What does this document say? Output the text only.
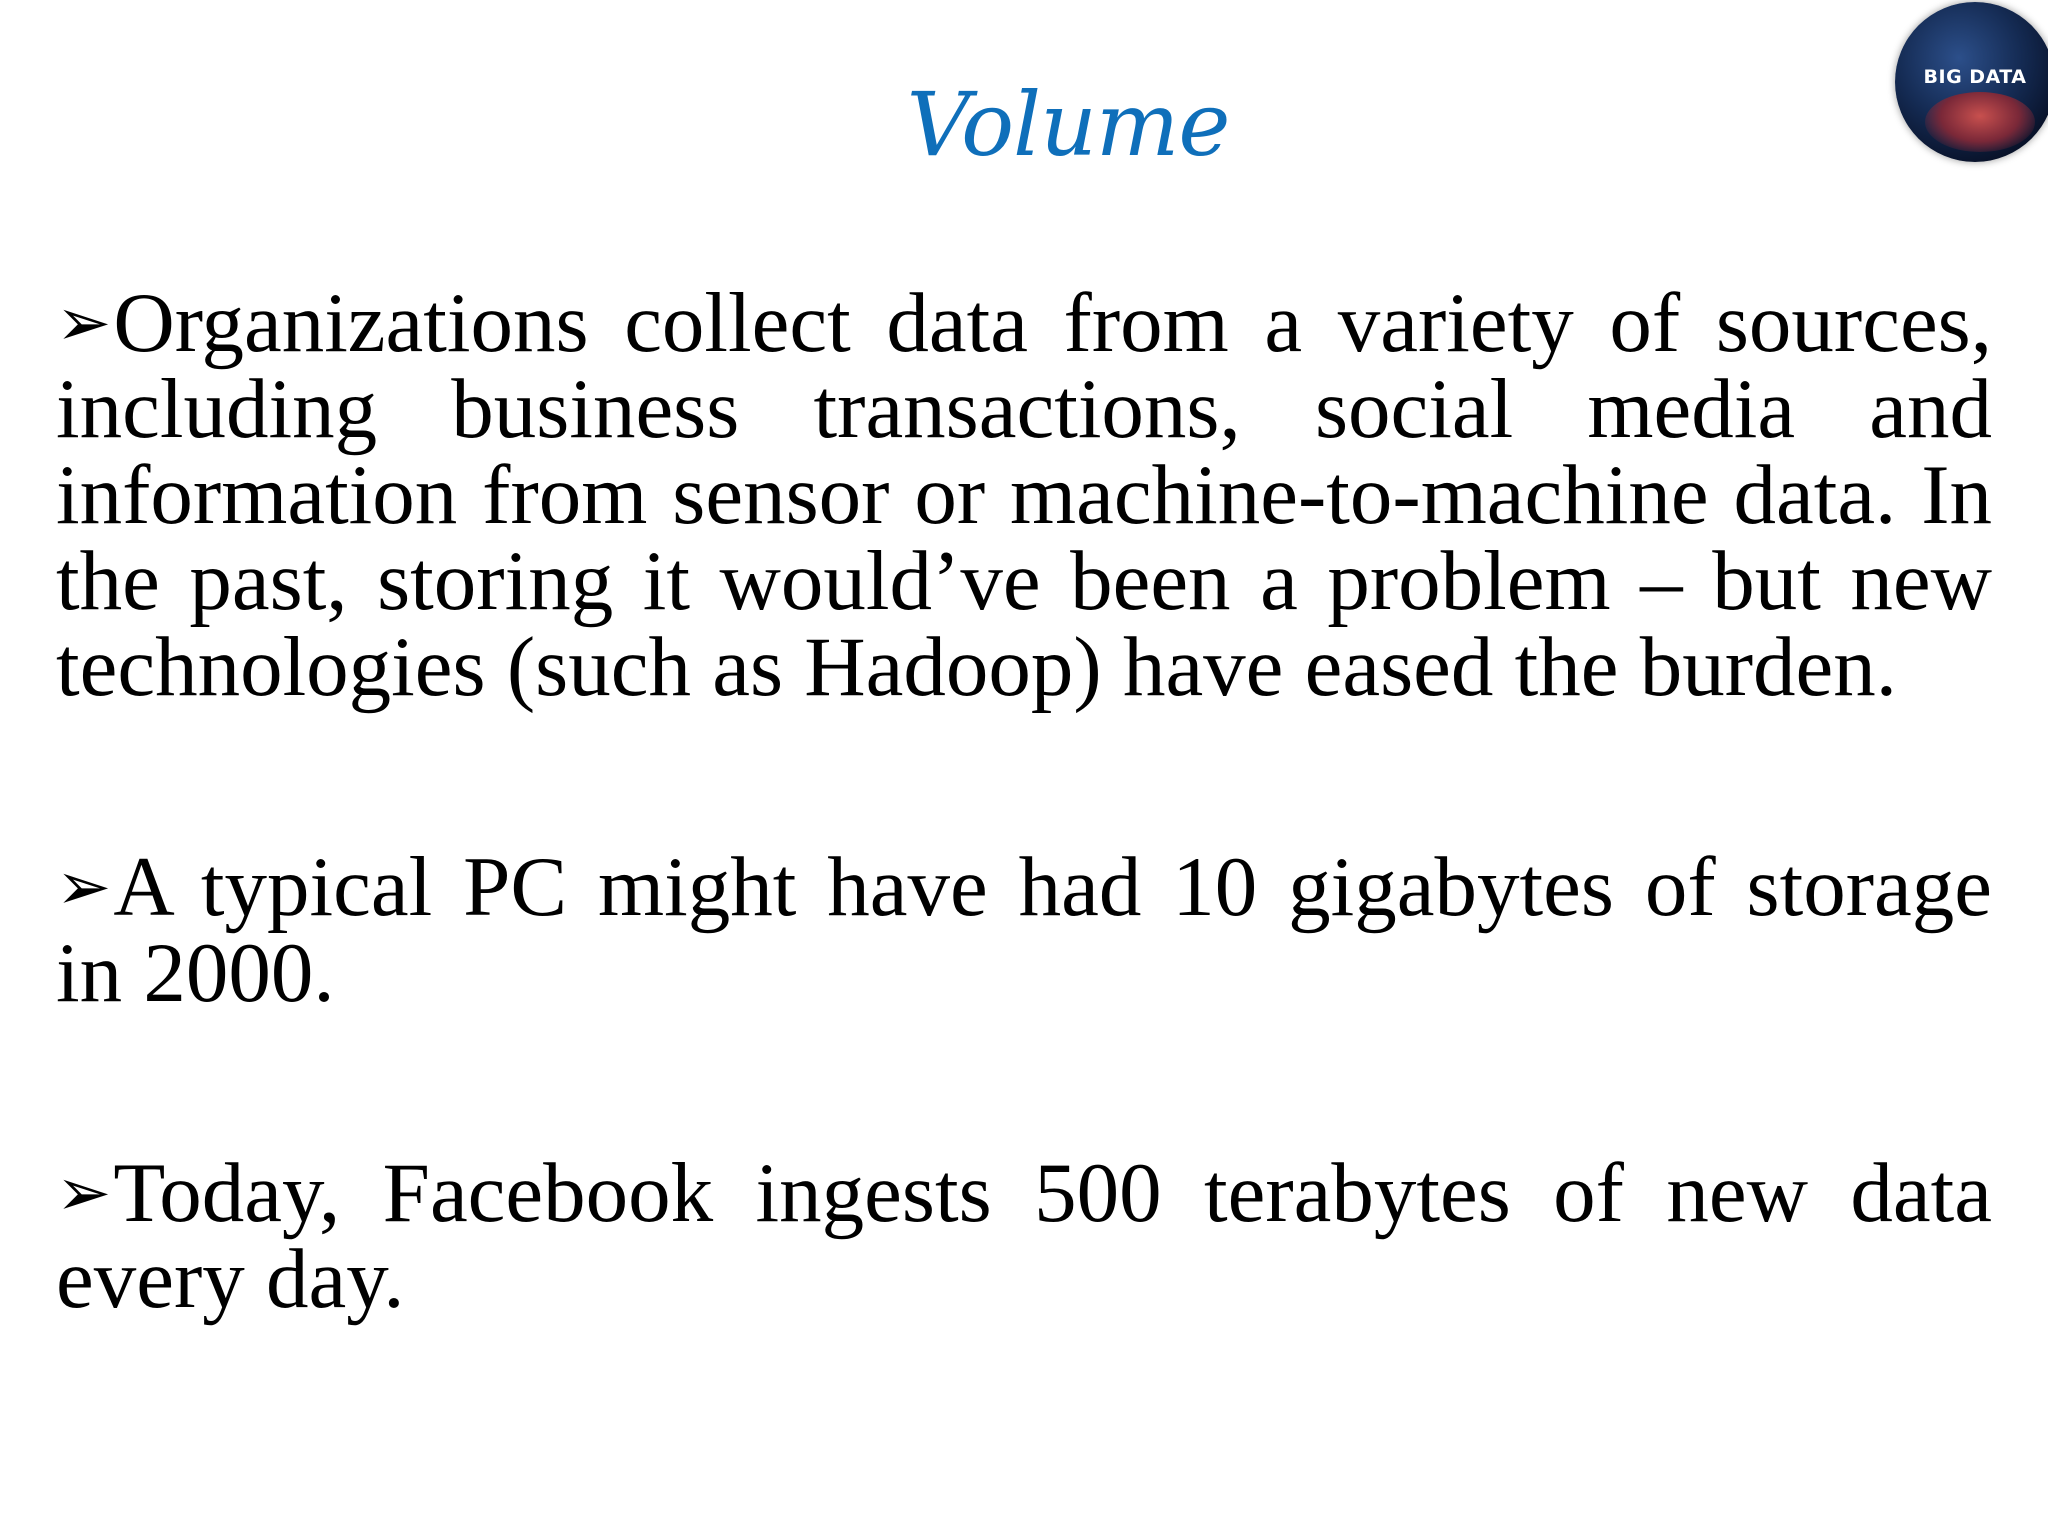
Volume	BIG DATA

➢Organizations collect data from a variety of sources, including business transactions, social media and information from sensor or machine-to-machine data. In the past, storing it would’ve been a problem – but new technologies (such as Hadoop) have eased the burden.

➢A typical PC might have had 10 gigabytes of storage in 2000.

➢Today, Facebook ingests 500 terabytes of new data every day.
